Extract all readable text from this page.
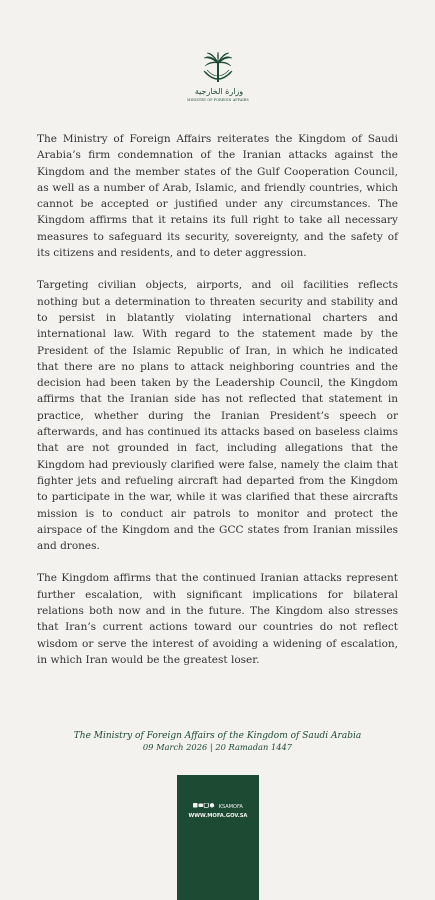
وزارة الخارجية
MINISTRY OF FOREIGN AFFAIRS

The Ministry of Foreign Affairs reiterates the Kingdom of Saudi Arabia’s firm condemnation of the Iranian attacks against the Kingdom and the member states of the Gulf Cooperation Council, as well as a number of Arab, Islamic, and friendly countries, which cannot be accepted or justified under any circumstances. The Kingdom affirms that it retains its full right to take all necessary measures to safeguard its security, sovereignty, and the safety of its citizens and residents, and to deter aggression.

Targeting civilian objects, airports, and oil facilities reflects nothing but a determination to threaten security and stability and to persist in blatantly violating international charters and international law. With regard to the statement made by the President of the Islamic Republic of Iran, in which he indicated that there are no plans to attack neighboring countries and the decision had been taken by the Leadership Council, the Kingdom affirms that the Iranian side has not reflected that statement in practice, whether during the Iranian President’s speech or afterwards, and has continued its attacks based on baseless claims that are not grounded in fact, including allegations that the Kingdom had previously clarified were false, namely the claim that fighter jets and refueling aircraft had departed from the Kingdom to participate in the war, while it was clarified that these aircrafts mission is to conduct air patrols to monitor and protect the airspace of the Kingdom and the GCC states from Iranian missiles and drones.

The Kingdom affirms that the continued Iranian attacks represent further escalation, with significant implications for bilateral relations both now and in the future. The Kingdom also stresses that Iran’s current actions toward our countries do not reflect wisdom or serve the interest of avoiding a widening of escalation, in which Iran would be the greatest loser.

The Ministry of Foreign Affairs of the Kingdom of Saudi Arabia
09 March 2026 | 20 Ramadan 1447
KSAMOFA
WWW.MOFA.GOV.SA
